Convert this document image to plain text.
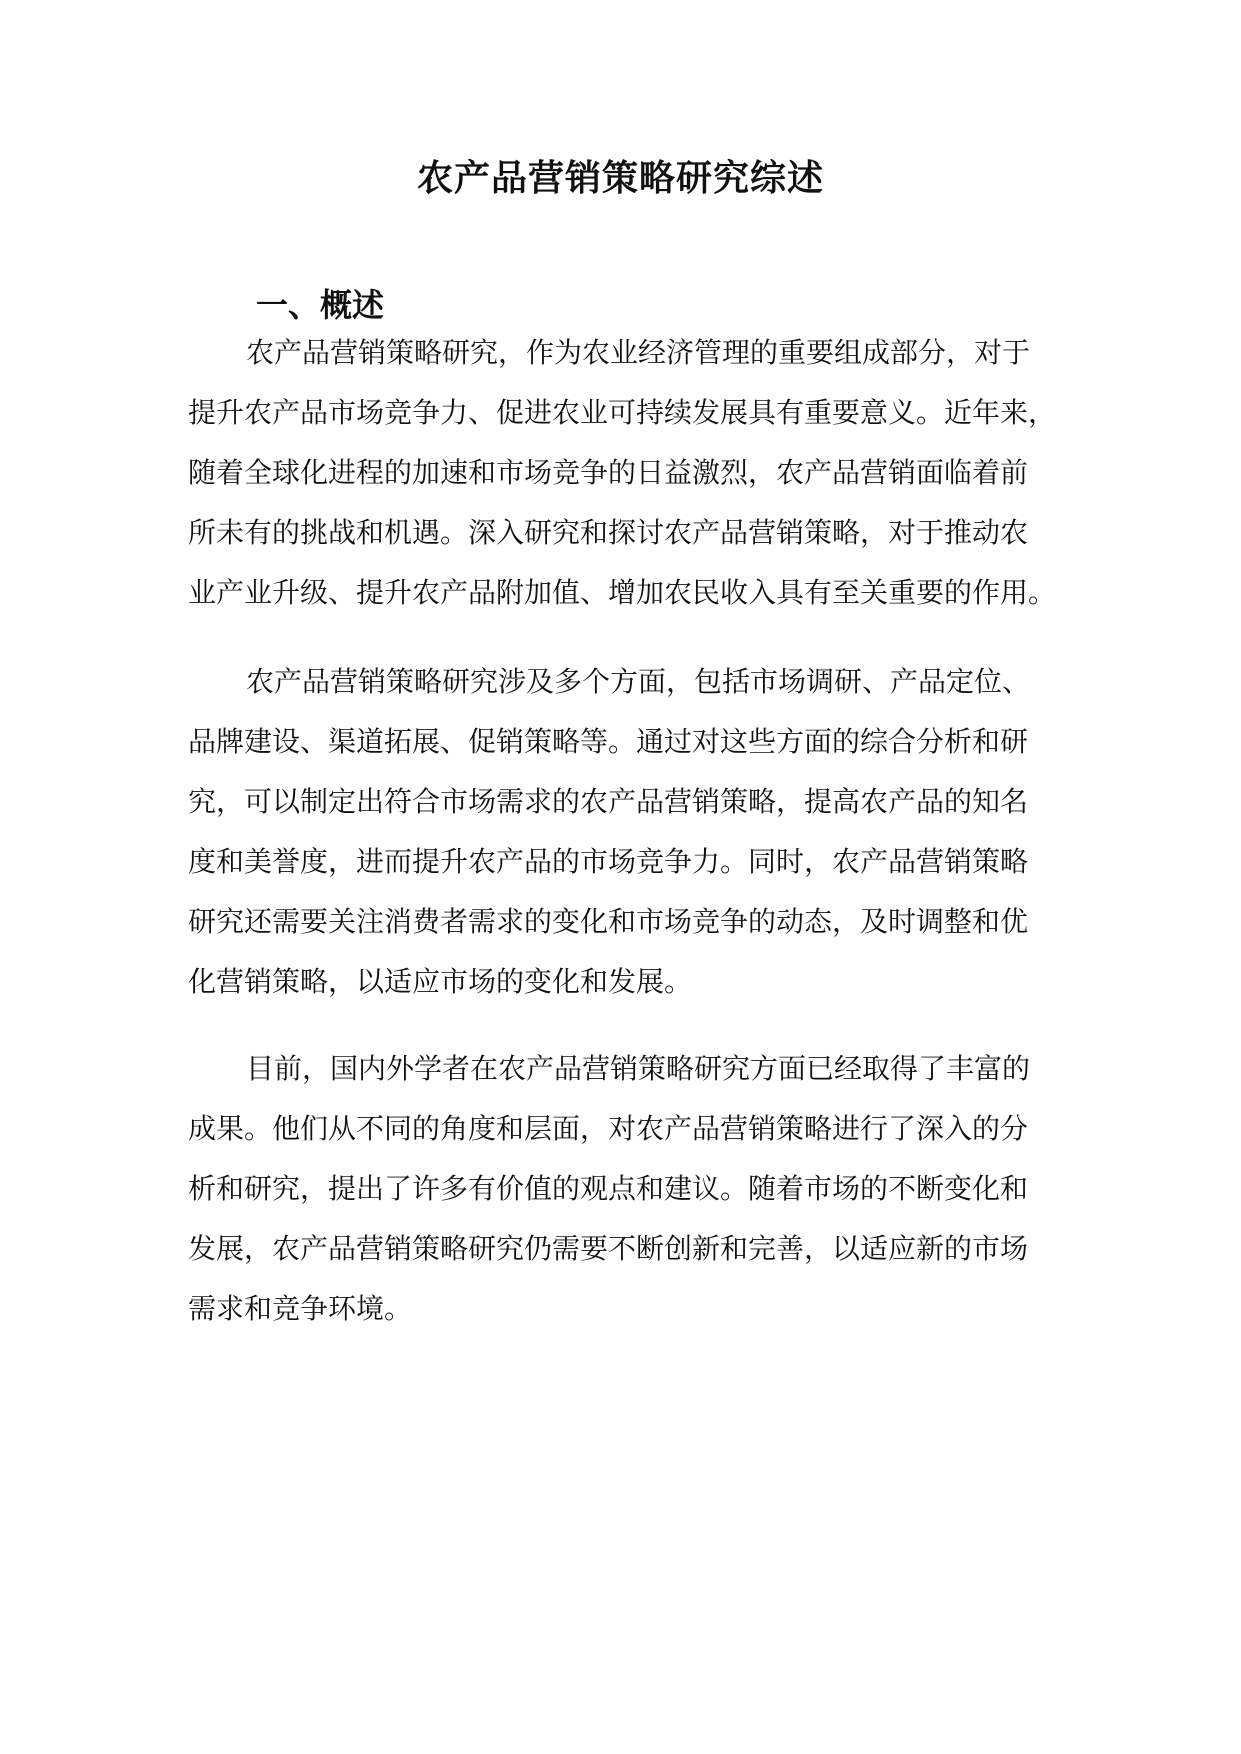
农产品营销策略研究综述
一、概述
农产品营销策略研究，作为农业经济管理的重要组成部分，对于
提升农产品市场竞争力、促进农业可持续发展具有重要意义。近年来，
随着全球化进程的加速和市场竞争的日益激烈，农产品营销面临着前
所未有的挑战和机遇。深入研究和探讨农产品营销策略，对于推动农
业产业升级、提升农产品附加值、增加农民收入具有至关重要的作用。
农产品营销策略研究涉及多个方面，包括市场调研、产品定位、
品牌建设、渠道拓展、促销策略等。通过对这些方面的综合分析和研
究，可以制定出符合市场需求的农产品营销策略，提高农产品的知名
度和美誉度，进而提升农产品的市场竞争力。同时，农产品营销策略
研究还需要关注消费者需求的变化和市场竞争的动态，及时调整和优
化营销策略，以适应市场的变化和发展。
目前，国内外学者在农产品营销策略研究方面已经取得了丰富的
成果。他们从不同的角度和层面，对农产品营销策略进行了深入的分
析和研究，提出了许多有价值的观点和建议。随着市场的不断变化和
发展，农产品营销策略研究仍需要不断创新和完善，以适应新的市场
需求和竞争环境。
